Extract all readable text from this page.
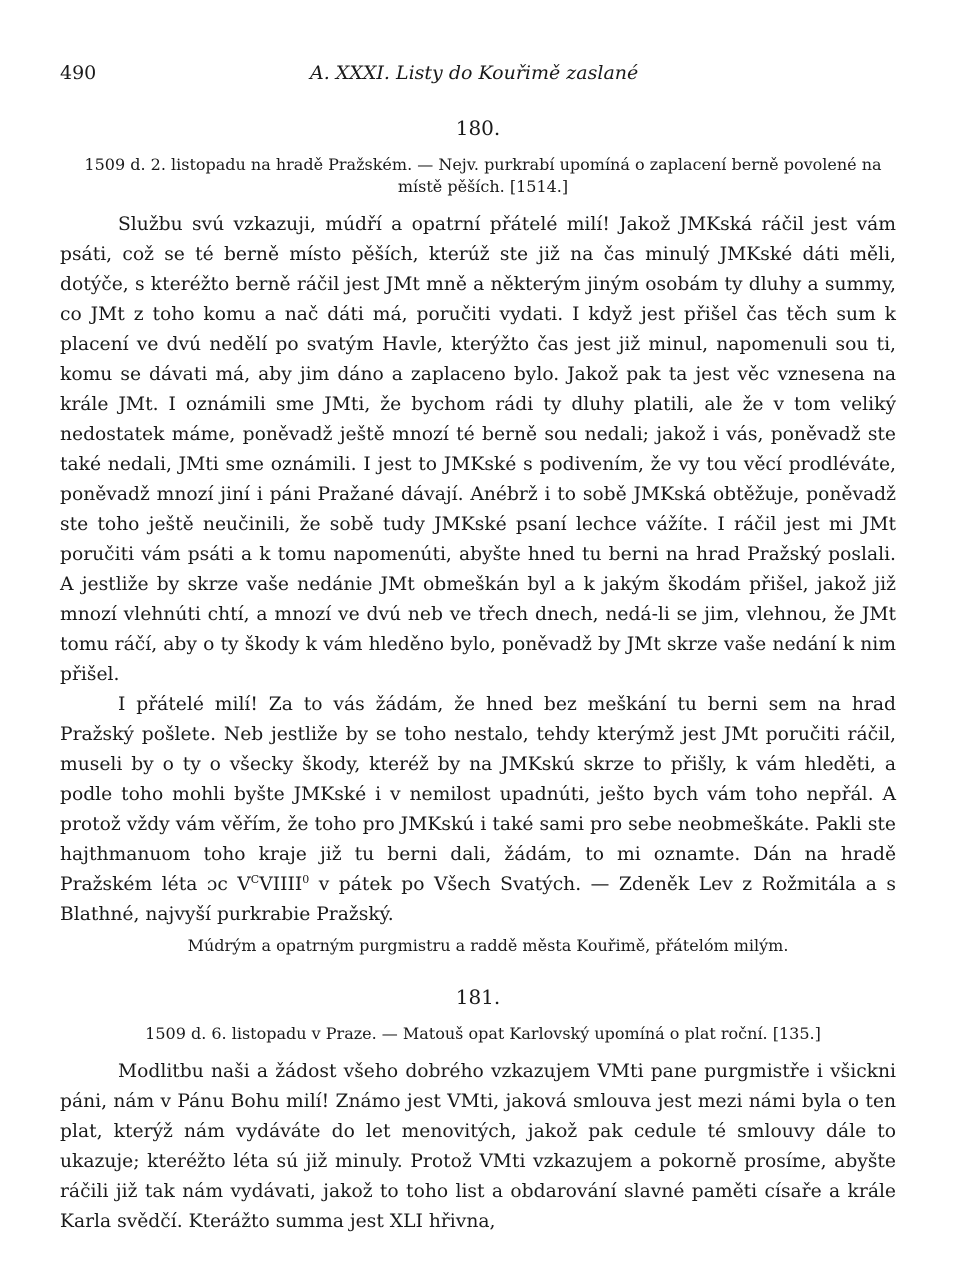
490	A. XXXI. Listy do Kouřimě zaslané
180.
1509 d. 2. listopadu na hradě Pražském. — Nejv. purkrabí upomíná o zaplacení berně povolené na místě pěších. [1514.]

Službu svú vzkazuji, múdří a opatrní přátelé milí! Jakož JMKská ráčil jest vám psáti, což se té berně místo pěších, kterúž ste již na čas minulý JMKské dáti měli, dotýče, s kteréžto berně ráčil jest JMt mně a některým jiným osobám ty dluhy a summy, co JMt z toho komu a nač dáti má, poručiti vydati. I když jest přišel čas těch sum k placení ve dvú nedělí po svatým Havle, kterýžto čas jest již minul, napomenuli sou ti, komu se dávati má, aby jim dáno a zaplaceno bylo. Jakož pak ta jest věc vznesena na krále JMt. I oznámili sme JMti, že bychom rádi ty dluhy platili, ale že v tom veliký nedostatek máme, poněvadž ještě mnozí té berně sou nedali; jakož i vás, poněvadž ste také nedali, JMti sme oznámili. I jest to JMKské s podivením, že vy tou věcí prodléváte, poněvadž mnozí jiní i páni Pražané dávají. Anébrž i to sobě JMKská obtěžuje, poněvadž ste toho ještě neučinili, že sobě tudy JMKské psaní lechce vážíte. I ráčil jest mi JMt poručiti vám psáti a k tomu napomenúti, abyšte hned tu berni na hrad Pražský poslali. A jestliže by skrze vaše nedánie JMt obmeškán byl a k jakým škodám přišel, jakož již mnozí vlehnúti chtí, a mnozí ve dvú neb ve třech dnech, nedá-li se jim, vlehnou, že JMt tomu ráčí, aby o ty škody k vám hleděno bylo, poněvadž by JMt skrze vaše nedání k nim přišel.

I přátelé milí! Za to vás žádám, že hned bez meškání tu berni sem na hrad Pražský pošlete. Neb jestliže by se toho nestalo, tehdy kterýmž jest JMt poručiti ráčil, museli by o ty o všecky škody, kteréž by na JMKskú skrze to přišly, k vám hleděti, a podle toho mohli byšte JMKské i v nemilost upadnúti, ješto bych vám toho nepřál. A protož vždy vám věřím, že toho pro JMKskú i také sami pro sebe neobmeškáte. Pakli ste hajthmanuom toho kraje již tu berni dali, žádám, to mi oznamte. Dán na hradě Pražském léta ɔc $V^CVIIII^0$ v pátek po Všech Svatých. — Zdeněk Lev z Rožmitála a s Blathné, najvyší purkrabie Pražský.

Múdrým a opatrným purgmistru a raddě města Kouřimě, přátelóm milým.
181.
1509 d. 6. listopadu v Praze. — Matouš opat Karlovský upomíná o plat roční. [135.]

Modlitbu naši a žádost všeho dobrého vzkazujem VMti pane purgmistře i všickni páni, nám v Pánu Bohu milí! Známo jest VMti, jaková smlouva jest mezi námi byla o ten plat, kterýž nám vydáváte do let menovitých, jakož pak cedule té smlouvy dále to ukazuje; kteréžto léta sú již minuly. Protož VMti vzkazujem a pokorně prosíme, abyšte ráčili již tak nám vydávati, jakož to toho list a obdarování slavné paměti císaře a krále Karla svědčí. Kterážto summa jest XLI hřivna,
